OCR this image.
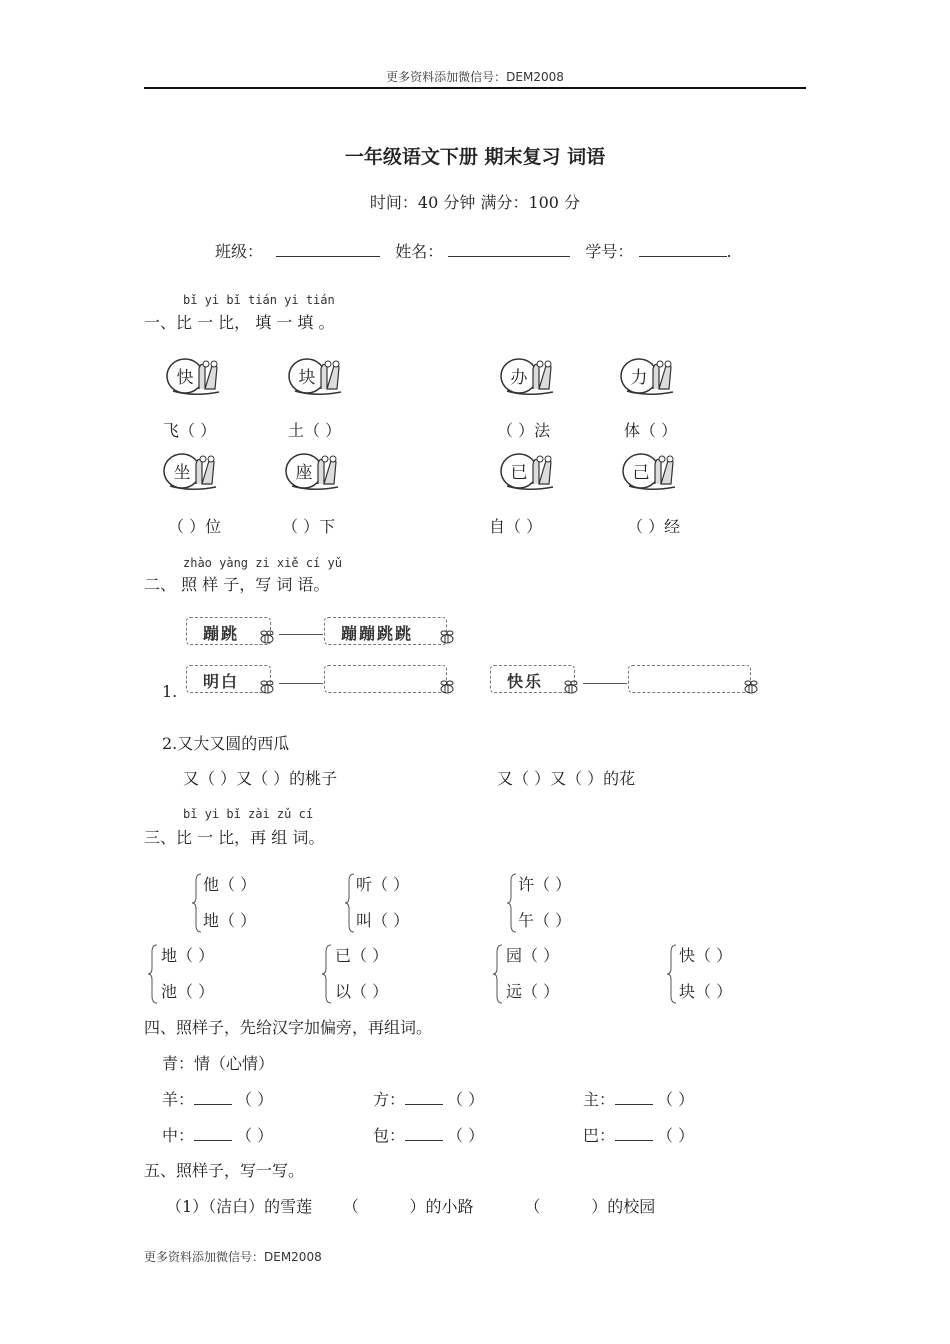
更多资料添加微信号：DEM2008
一年级语文下册 期末复习 词语
时间：40 分钟 满分：100 分
班级：	姓名：	学号：	.
bǐ yi bǐ tián yi tián
一、比 一 比， 填 一 填 。
快	块	办	力
飞（ ）	土（ ）	（ ）法	体（ ）
坐	座	已	己
（ ）位	（ ）下	自（ ）	（ ）经
zhào yàng zi xiě cí yǔ
二、 照 样 子，写 词 语。
蹦跳	蹦蹦跳跳
1.
明白	快乐
2.又大又圆的西瓜
又（ ）又（ ）的桃子	又（ ）又（ ）的花
bǐ yi bǐ zài zǔ cí
三、比 一 比，再 组 词。
他（ ）
地（ ）
听（ ）
叫（ ）
许（ ）
午（ ）
地（ ）
池（ ）
已（ ）
以（ ）
园（ ）
远（ ）
快（ ）
块（ ）
四、照样子，先给汉字加偏旁，再组词。
青：情（心情）
羊：	（ ）	方：	（ ）	主：	（ ）
中：	（ ）	包：	（ ）	巴：	（ ）
五、照样子，写一写。
（1）（洁白）的雪莲      （          ）的小路          （          ）的校园
更多资料添加微信号：DEM2008
